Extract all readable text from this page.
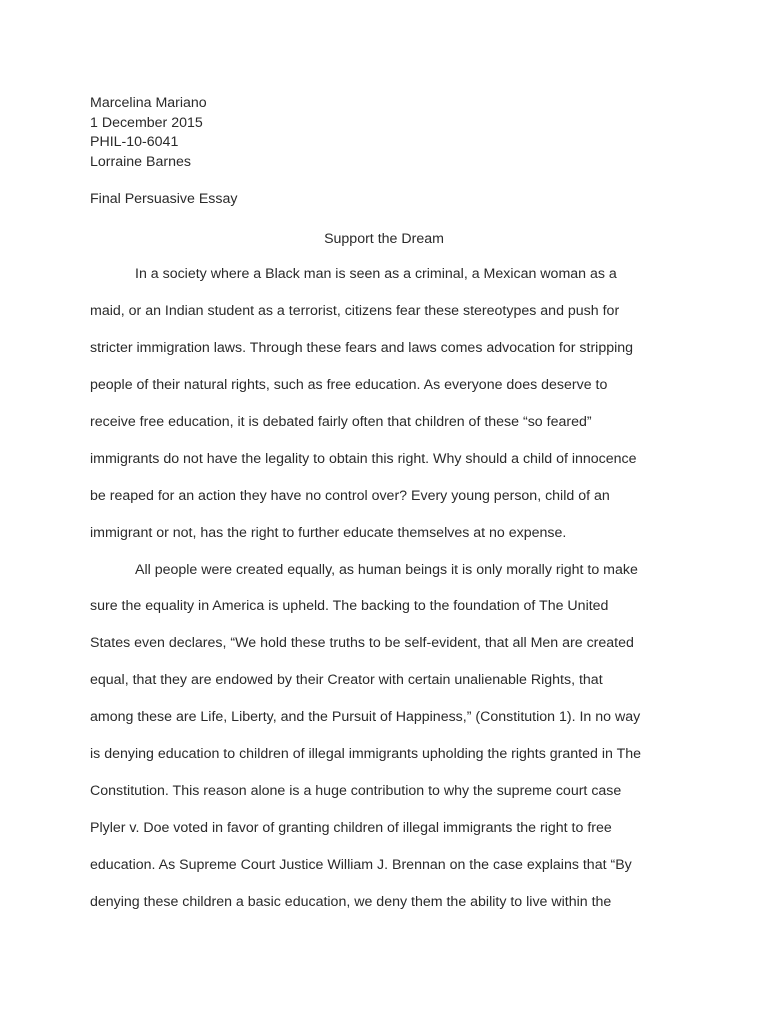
Marcelina Mariano
1 December 2015
PHIL-10-6041
Lorraine Barnes
Final Persuasive Essay
Support the Dream
In a society where a Black man is seen as a criminal, a Mexican woman as a
maid, or an Indian student as a terrorist, citizens fear these stereotypes and push for
stricter immigration laws. Through these fears and laws comes advocation for stripping
people of their natural rights, such as free education. As everyone does deserve to
receive free education, it is debated fairly often that children of these “so feared”
immigrants do not have the legality to obtain this right. Why should a child of innocence
be reaped for an action they have no control over? Every young person, child of an
immigrant or not, has the right to further educate themselves at no expense.
All people were created equally, as human beings it is only morally right to make
sure the equality in America is upheld. The backing to the foundation of The United
States even declares, “We hold these truths to be self-evident, that all Men are created
equal, that they are endowed by their Creator with certain unalienable Rights, that
among these are Life, Liberty, and the Pursuit of Happiness,” (Constitution 1). In no way
is denying education to children of illegal immigrants upholding the rights granted in The
Constitution. This reason alone is a huge contribution to why the supreme court case
Plyler v. Doe voted in favor of granting children of illegal immigrants the right to free
education. As Supreme Court Justice William J. Brennan on the case explains that “By
denying these children a basic education, we deny them the ability to live within the
